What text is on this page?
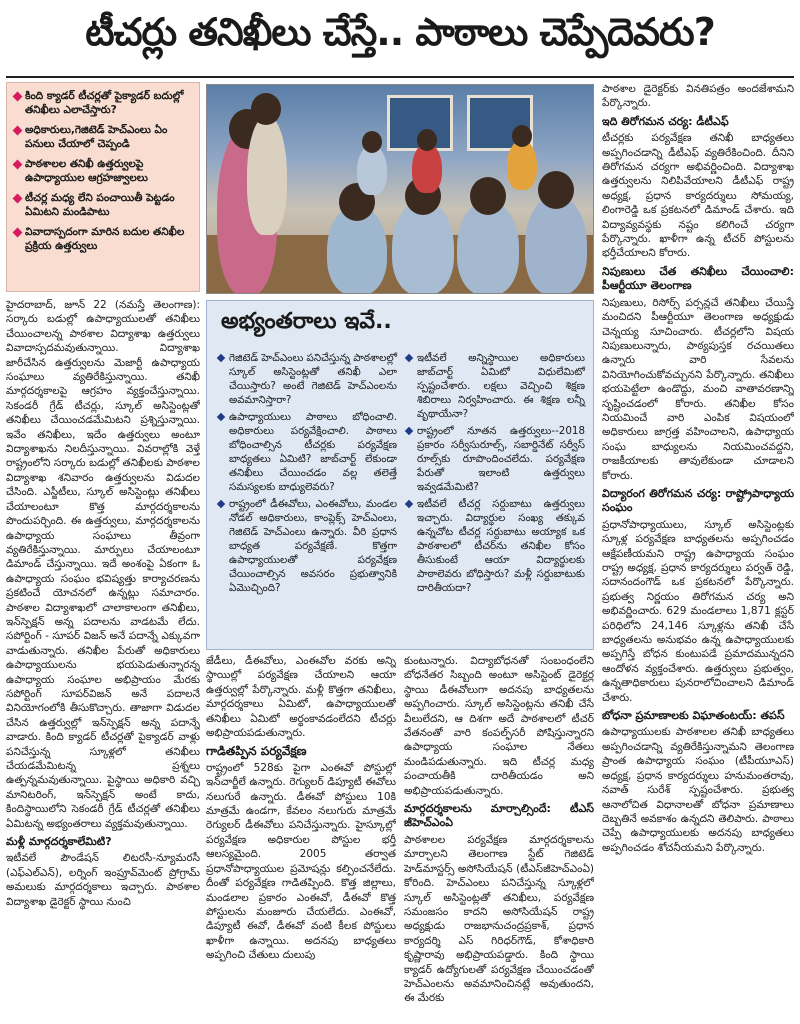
టీచర్లు తనిఖీలు చేస్తే.. పాఠాలు చెప్పేదెవరు?
కింది క్యాడర్ టీచర్లతో పైక్యాడర్ బదుల్లో తనిఖీలు ఎలాచేస్తారు?
అధికారులు,గెజిటెడ్ హెచ్ఎంలు ఏం పనులు చేయాలో చెప్పండి
పాఠశాలల తనిఖీ ఉత్తర్వులపై ఉపాధ్యాయుల ఆగ్రహజ్వాలలు
టీచర్ల మధ్య లేని పంచాయితీ పెట్టడం ఏమిటని మండిపాటు
వివాదాస్పదంగా మారిన బదుల తనిఖీల ప్రక్రియ ఉత్తర్వులు

హైదరాబాద్, జూన్ 22 (నమస్తే తెలంగాణ): సర్కారు బడుల్లో ఉపాధ్యాయులతో తనిఖీలు చేయించాలన్న పాఠశాల విద్యాశాఖ ఉత్తర్వులు వివాదాస్పదమవుతున్నాయి. విద్యాశాఖ జారీచేసిన ఉత్తర్వులను మెజార్టీ ఉపాధ్యాయ సంఘాలు వ్యతిరేకిస్తున్నాయి. తనిఖీ మార్గదర్శకాలపై ఆగ్రహం వ్యక్తంచేస్తున్నాయి. సెకండరీ గ్రేడ్ టీచర్లు, స్కూల్ అసిస్టెంట్లతో తనిఖీలు చేయించడమేమిటని ప్రశ్నిస్తున్నాయి. ఇవేం తనిఖీలు, ఇదేం ఉత్తర్వులు అంటూ విద్యాశాఖను నిలదీస్తున్నాయి. వివరాల్లోకి వెళ్తే రాష్ట్రంలోని సర్కారు బడుల్లో తనిఖీలకు పాఠశాల విద్యాశాఖ శనివారం ఉత్తర్వులను విడుదల చేసింది. ఎస్జీటీలు, స్కూల్ అసిస్టెంట్లు తనిఖీలు చేయాలంటూ కొత్త మార్గదర్శకాలను పొందుపర్చింది. ఈ ఉత్తర్వులు, మార్గదర్శకాలను ఉపాధ్యాయ సంఘాలు తీవ్రంగా వ్యతిరేకిస్తున్నాయి. మార్పులు చేయాలంటూ డిమాండ్ చేస్తున్నాయి. ఇదే అంశంపై ఏకంగా ఓ ఉపాధ్యాయ సంఘం భవిష్యత్తు కార్యాచరణను ప్రకటించే యోచనలో ఉన్నట్లు సమాచారం. పాఠశాల విద్యాశాఖలో చాలాకాలంగా తనిఖీలు, ఇన్‌స్పెక్షన్ అన్న పదాలను వాడటమే లేదు. సపోర్టింగ్ - సూపర్ విజన్ అనే పదాన్నే ఎక్కువగా వాడుతున్నారు. తనిఖీల పేరుతో అధికారులు ఉపాధ్యాయులను భయపెడుతున్నారన్న ఉపాధ్యాయ సంఘాల అభిప్రాయం మేరకు సపోర్టింగ్ సూపర్‌విజన్ అనే పదాలనే వినియోగంలోకి తీసుకొచ్చారు. తాజాగా విడుదల చేసిన ఉత్తర్వుల్లో ఇన్‌స్పెక్షన్ అన్న పదాన్నే వాడారు. కింది క్యాడర్ టీచర్లతో పైక్యాడర్ వాళ్లు పనిచేస్తున్న స్కూళ్లలో తనిఖీలు చేయడమేమిటన్న ప్రశ్నలు ఉత్పన్నమవుతున్నాయి. పైస్థాయి అధికారి వచ్చి మానిటరింగ్, ఇన్‌స్పెక్షన్ అంటే కాదు, కిందిస్థాయిలోని సెకండరీ గ్రేడ్ టీచర్లతో తనిఖీలు ఏమిటన్న అభ్యంతరాలు వ్యక్తమవుతున్నాయి.

మళ్లీ మార్గదర్శకాలేమిటి?

ఇటీవలే పౌండేషన్ లిటరసీ-న్యూమరసీ (ఎఫ్ఎల్ఎన్), లర్నింగ్ ఇంప్రూవ్‌మెంట్ ప్రోగ్రామ్ అమలుకు మార్గదర్శకాలు ఇచ్చారు. పాఠశాల విద్యాశాఖ డైరెక్టర్ స్థాయి నుంచి

అభ్యంతరాలు ఇవే..
గెజిటెడ్ హెచ్ఎంలు పనిచేస్తున్న పాఠశాలల్లో స్కూల్ అసిస్టెంట్లతో తనిఖీ ఎలా చేయిస్తారు? అంటే గెజిటెడ్ హెచ్ఎంలను అవమానిస్తారా?
ఉపాధ్యాయులు పాఠాలు బోధించాలి. అధికారులు పర్యవేక్షించాలి. పాఠాలు బోధించాల్సిన టీచర్లకు పర్యవేక్షణ బాధ్యతలు ఏమిటి? జాబ్‌చార్ట్ లేకుండా తనిఖీలు చేయించడం వల్ల తలెత్తే సమస్యలకు బాధ్యులెవరు?
రాష్ట్రంలో డీఈవోలు, ఎంఈవోలు, మండల నోడల్ అధికారులు, కాంప్లెక్స్ హెచ్ఎంలు, గెజిటెడ్ హెచ్ఎంలు ఉన్నారు. వీరి ప్రధాన బాధ్యత పర్యవేక్షణే. కొత్తగా ఉపాధ్యాయులతో పర్యవేక్షణ చేయించాల్సిన అవసరం ప్రభుత్వానికి ఏమొచ్చింది?
ఇటీవలే అన్నిస్థాయిల అధికారులు జాబ్‌చార్ట్ ఏమిటో విధులేమిటో స్పష్టంచేశారు. లక్షలు వెచ్చించి శిక్షణ శిబిరాలు నిర్వహించారు. ఈ శిక్షణ లన్నీ వృథాయేనా?
రాష్ట్రంలో నూతన ఉత్తర్వులు--2018 ప్రకారం సర్వీసురూల్స్, సబార్డినేట్ సర్వీస్ రూల్స్‌కు రూపొందించలేదు. పర్యవేక్షణ పేరుతో ఇలాంటి ఉత్తర్వులు ఇవ్వడమేమిటి?
ఇటీవలే టీచర్ల సర్దుబాటు ఉత్తర్వులు ఇచ్చారు. విద్యార్థుల సంఖ్య తక్కువ ఉన్నచోట టీచర్ల సర్దుబాటు అయ్యాక ఒక పాఠశాలలో టీచర్‌ను తనిఖీల కోసం తీసుకుంటే ఆయా విద్యార్థులకు పాఠాలెవరు బోధిస్తారు? మళ్లీ సర్దుబాటుకు దారితీయదా?

జేడీలు, డీఈవోలు, ఎంఈవోల వరకు అన్ని స్థాయిల్లో పర్యవేక్షణ చేయాలని ఆయా ఉత్తర్వుల్లో పేర్కొన్నారు. మళ్లీ కొత్తగా తనిఖీలు, మార్గదర్శకాలు ఏమిటో, ఉపాధ్యాయులతో తనిఖీలు ఏమిటో అర్థంకావడంలేదని టీచర్లు అభిప్రాయపడుతున్నారు.

గాడితప్పిన పర్యవేక్షణ

రాష్ట్రంలో 528కు పైగా ఎంఈవో పోస్టుల్లో ఇన్‌చార్జీలే ఉన్నారు. రెగ్యులర్ డిప్యూటీ ఈవోలు నలుగురే ఉన్నారు. డీఈవో పోస్టులు 10కి మాత్రమే ఉండగా, కేవలం నలుగురు మాత్రమే రెగ్యులర్ డీఈవోలు పనిచేస్తున్నారు. హైస్కూల్లో పర్యవేక్షణ అధికారుల పోస్టుల భర్తీ ఆలస్యమైంది. 2005 తర్వాత ప్రధానోపాధ్యాయుల ప్రమోషన్లు కల్పించనేలేదు. దీంతో పర్యవేక్షణ గాడితప్పింది. కొత్త జిల్లాలు, మండలాల ప్రకారం ఎంఈవో, డీఈవో కొత్త పోస్టులను మంజూరు చేయలేదు. ఎంఈవో, డిప్యూటీ ఈవో, డీఈవో వంటి కీలక పోస్టులు ఖాళీగా ఉన్నాయి. అదనపు బాధ్యతలు అప్పగించి చేతులు దులుపు

కుంటున్నారు. విద్యాబోధనతో సంబంధంలేని బోధనేతర సిబ్బంది అంటూ అసిస్టెంట్ డైరెక్టర్ల స్థాయి డీఈవోలుగా అదనపు బాధ్యతలను అప్పగించారు. స్కూల్ అసిస్టెంట్లను తనిఖీ చేసే వీలులేదని, ఆ దిశగా అదే పాఠశాలలో టీచర్ వేతనంతో వారి కంపల్ఫ్‌సరీ పోషిస్తున్నారని ఉపాధ్యాయ సంఘాల నేతలు మండిపడుతున్నారు. ఇది టీచర్ల మధ్య పంచాయతీకి దారితీయడం అని అభిప్రాయపడుతున్నారు.

మార్గదర్శకాలను మార్చాల్సిందే: టీఎస్ జీహెచ్ఎంఏ

పాఠశాలల పర్యవేక్షణ మార్గదర్శకాలను మార్చాలని తెలంగాణ స్టేట్ గెజిటెడ్ హెడ్‌మాస్టర్స్ అసోసియేషన్ (టీఎస్‌జీహెచ్ఎంఏ) కోరింది. హెచ్ఎంలు పనిచేస్తున్న స్కూళ్లలో స్కూల్ అసిస్టెంట్లతో తనిఖీలు, పర్యవేక్షణ సమంజసం కాదని అసోసియేషన్ రాష్ట్ర అధ్యక్షుడు రాజభానుచంద్రప్రకాశ్, ప్రధాన కార్యదర్శి ఎస్ గిరిధర్‌గౌడ్, కోశాధికారి కృష్ణారావు అభిప్రాయపడ్డారు. కింది స్థాయి క్యాడర్ ఉద్యోగులతో పర్యవేక్షణ చేయించడంతో హెచ్ఎంలను అవమానించినట్లే అవుతుందని, ఈ మేరకు

పాఠశాల డైరెక్టర్‌కు వినతిపత్రం అందజేశామని పేర్కొన్నారు.

ఇది తిరోగమన చర్య: డీటీఎఫ్

టీచర్లకు పర్యవేక్షణ తనిఖీ బాధ్యతలు అప్పగించడాన్ని డీటీఎఫ్ వ్యతిరేకించింది. దీనిని తిరోగమన చర్యగా అభివర్ణించింది. విద్యాశాఖ ఉత్తర్వులను నిలిపివేయాలని డీటీఎఫ్ రాష్ట్ర అధ్యక్ష, ప్రధాన కార్యదర్శులు సోమయ్య, లింగారెడ్డి ఒక ప్రకటనలో డిమాండ్ చేశారు. ఇది విద్యావ్యవస్థకు నష్టం కలిగించే చర్యగా పేర్కొన్నారు. ఖాళీగా ఉన్న టీచర్ పోస్టులను భర్తీచేయాలని కోరారు.

నిపుణులు చేత తనిఖీలు చేయించాలి: పీఆర్టీయూ తెలంగాణ

నిపుణులు, రిసోర్స్ పర్సన్లచే తనిఖీలు చేయిస్తే మంచిదని పీఆర్టీయూ తెలంగాణ అధ్యక్షుడు చెన్నయ్య సూచించారు. టీచర్లలోని విషయ నిపుణులున్నారు, పాఠ్యపుస్తక రచయితలు ఉన్నారు వారి సేవలను వినియోగించుకోవచ్చునని పేర్కొన్నారు. తనిఖీలు భయపెట్టేలా ఉండొద్దు, మంచి వాతావరణాన్ని సృష్టించడంలో కోరారు. తనిఖీల కోసం నియమించే వారి ఎంపిక విషయంలో అధికారులు జాగ్రత్త వహించాలని, ఉపాధ్యాయ సంఘ బాధ్యులను నియమించవద్దని, రాజకీయాలకు తావులేకుండా చూడాలని కోరారు.

విద్యారంగ తిరోగమన చర్య: రాష్ట్రోపాధ్యాయ సంఘం

ప్రధానోపాధ్యాయులు, స్కూల్ అసిస్టెంట్లకు స్కూళ్ల పర్యవేక్షణ బాధ్యతలను అప్పగించడం ఆక్షేపణీయమని రాష్ట్ర ఉపాధ్యాయ సంఘం రాష్ట్ర అధ్యక్ష, ప్రధాన కార్యదర్శులు పర్వత్ రెడ్డి, సదానందంగౌడ్ ఒక ప్రకటనలో పేర్కొన్నారు. ప్రభుత్వ నిర్ణయం తిరోగమన చర్య అని అభివర్ణించారు. 629 మండలాలు 1,871 క్లస్టర్ పరిధిలోని 24,146 స్కూళ్లను తనిఖీ చేసే బాధ్యతలను అనుభవం ఉన్న ఉపాధ్యాయులకు అప్పగిస్తే బోధన కుంటుపడే ప్రమాదమున్నదని ఆందోళన వ్యక్తంచేశారు. ఉత్తర్వులు ప్రభుత్వం, ఉన్నతాధికారులు పునరాలోచించాలని డిమాండ్ చేశారు.

బోధనా ప్రమాణాలకు విఘాతంటయ్: తపస్

ఉపాధ్యాయులకు పాఠశాలల తనిఖీ బాధ్యతలు అప్పగించడాన్ని వ్యతిరేకిస్తున్నామని తెలంగాణ ప్రాంత ఉపాధ్యాయ సంఘం (టీపీయూఎస్) అధ్యక్ష, ప్రధాన కార్యదర్శులు హనుమంతరావు, నవాత్ సురేశ్ స్పష్టంచేశారు. ప్రభుత్వ ఆనాలోచిత విధానాలతో బోధనా ప్రమాణాలు దెబ్బతినే అవకాశం ఉన్నదని తెలిపారు. పాఠాలు చెప్పే ఉపాధ్యాయులకు అదనపు బాధ్యతలు అప్పగించడం శోచనీయమని పేర్కొన్నారు.
